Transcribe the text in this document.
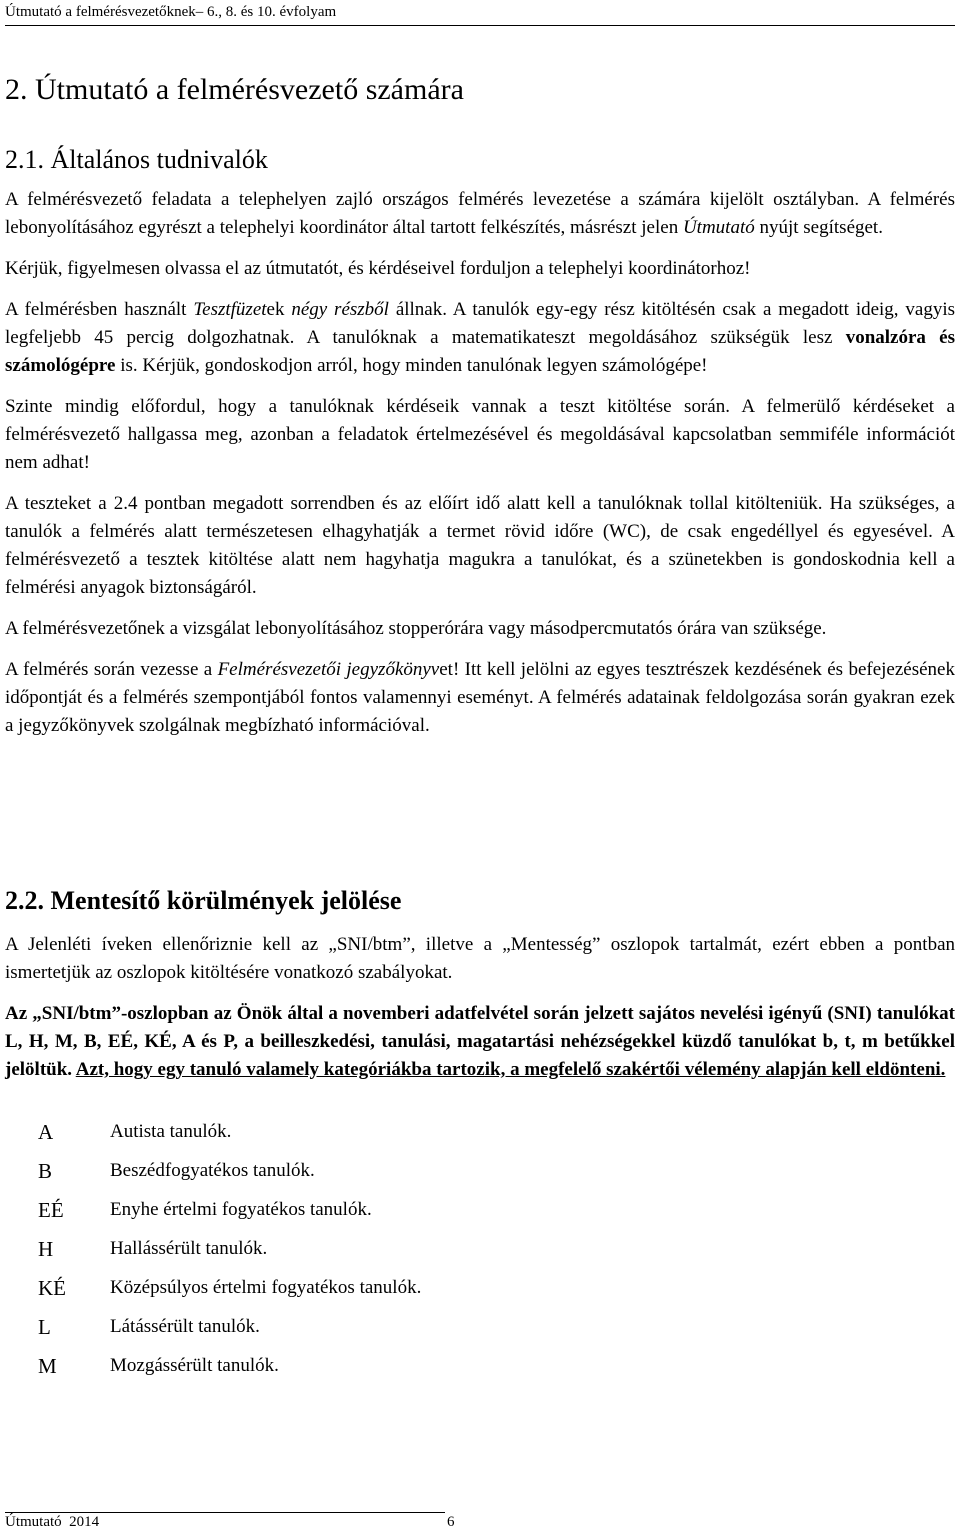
Útmutató a felmérésvezetőknek– 6., 8. és 10. évfolyam
2. Útmutató a felmérésvezető számára
2.1. Általános tudnivalók

A felmérésvezető feladata a telephelyen zajló országos felmérés levezetése a számára kijelölt osztályban. A felmérés lebonyolításához egyrészt a telephelyi koordinátor által tartott felkészítés, másrészt jelen Útmutató nyújt segítséget.

Kérjük, figyelmesen olvassa el az útmutatót, és kérdéseivel forduljon a telephelyi koordinátorhoz!

A felmérésben használt Tesztfüzetek négy részből állnak. A tanulók egy-egy rész kitöltésén csak a megadott ideig, vagyis legfeljebb 45 percig dolgozhatnak. A tanulóknak a matematikateszt megoldásához szükségük lesz vonalzóra és számológépre is. Kérjük, gondoskodjon arról, hogy minden tanulónak legyen számológépe!

Szinte mindig előfordul, hogy a tanulóknak kérdéseik vannak a teszt kitöltése során. A felmerülő kérdéseket a felmérésvezető hallgassa meg, azonban a feladatok értelmezésével és megoldásával kapcsolatban semmiféle információt nem adhat!

A teszteket a 2.4 pontban megadott sorrendben és az előírt idő alatt kell a tanulóknak tollal kitölteniük. Ha szükséges, a tanulók a felmérés alatt természetesen elhagyhatják a termet rövid időre (WC), de csak engedéllyel és egyesével. A felmérésvezető a tesztek kitöltése alatt nem hagyhatja magukra a tanulókat, és a szünetekben is gondoskodnia kell a felmérési anyagok biztonságáról.

A felmérésvezetőnek a vizsgálat lebonyolításához stopperórára vagy másodpercmutatós órára van szüksége.

A felmérés során vezesse a Felmérésvezetői jegyzőkönyvet! Itt kell jelölni az egyes tesztrészek kezdésének és befejezésének időpontját és a felmérés szempontjából fontos valamennyi eseményt. A felmérés adatainak feldolgozása során gyakran ezek a jegyzőkönyvek szolgálnak megbízható információval.

2.2. Mentesítő körülmények jelölése

A Jelenléti íveken ellenőriznie kell az „SNI/btm”, illetve a „Mentesség” oszlopok tartalmát, ezért ebben a pontban ismertetjük az oszlopok kitöltésére vonatkozó szabályokat.

Az „SNI/btm”-oszlopban az Önök által a novemberi adatfelvétel során jelzett sajátos nevelési igényű (SNI) tanulókat L, H, M, B, EÉ, KÉ, A és P, a beilleszkedési, tanulási, magatartási nehézségekkel küzdő tanulókat b, t, m betűkkel jelöltük. Azt, hogy egy tanuló valamely kategóriákba tartozik, a megfelelő szakértői vélemény alapján kell eldönteni.

A	Autista tanulók.
B	Beszédfogyatékos tanulók.
EÉ	Enyhe értelmi fogyatékos tanulók.
H	Hallássérült tanulók.
KÉ	Középsúlyos értelmi fogyatékos tanulók.
L	Látássérült tanulók.
M	Mozgássérült tanulók.
Útmutató  2014	6
